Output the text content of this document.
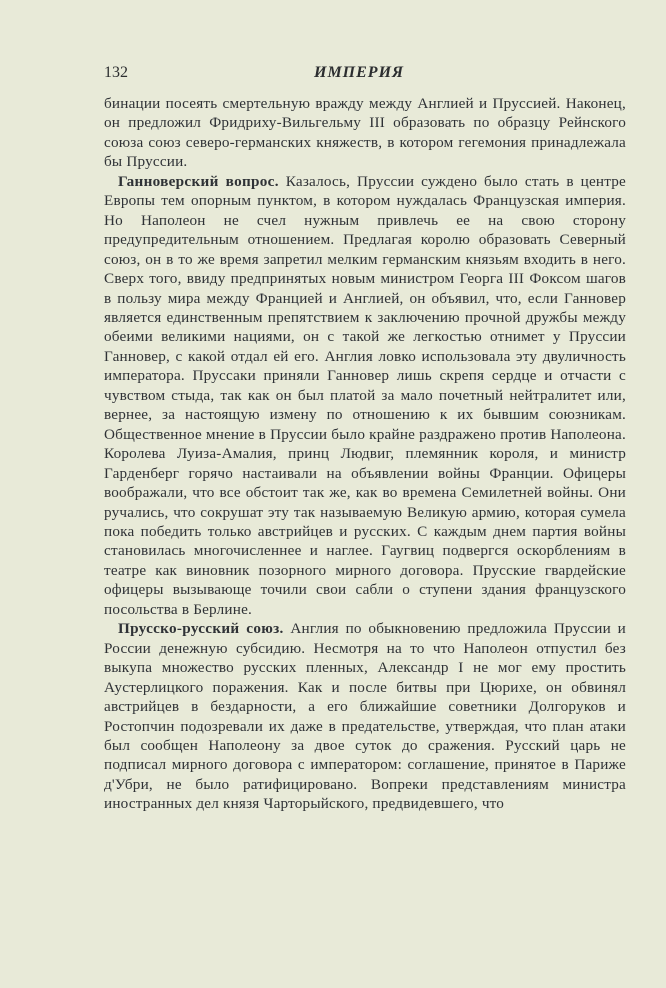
132	ИМПЕРИЯ

бинации посеять смертельную вражду между Англией и Пруссией. Наконец, он предложил Фридриху-Вильгельму III образовать по образцу Рейнского союза союз северо-германских княжеств, в котором гегемония принадлежала бы Пруссии.

Ганноверский вопрос. Казалось, Пруссии суждено было стать в центре Европы тем опорным пунктом, в котором нуждалась Французская империя. Но Наполеон не счел нужным привлечь ее на свою сторону предупредительным отношением. Предлагая королю образовать Северный союз, он в то же время запретил мелким германским князьям входить в него. Сверх того, ввиду предпринятых новым министром Георга III Фоксом шагов в пользу мира между Францией и Англией, он объявил, что, если Ганновер является единственным препятствием к заключению прочной дружбы между обеими великими нациями, он с такой же легкостью отнимет у Пруссии Ганновер, с какой отдал ей его. Англия ловко использовала эту двуличность императора. Пруссаки приняли Ганновер лишь скрепя сердце и отчасти с чувством стыда, так как он был платой за мало почетный нейтралитет или, вернее, за настоящую измену по отношению к их бывшим союзникам. Общественное мнение в Пруссии было крайне раздражено против Наполеона. Королева Луиза-Амалия, принц Людвиг, племянник короля, и министр Гарденберг горячо настаивали на объявлении войны Франции. Офицеры воображали, что все обстоит так же, как во времена Семилетней войны. Они ручались, что сокрушат эту так называемую Великую армию, которая сумела пока победить только австрийцев и русских. С каждым днем партия войны становилась многочисленнее и наглее. Гаугвиц подвергся оскорблениям в театре как виновник позорного мирного договора. Прусские гвардейские офицеры вызывающе точили свои сабли о ступени здания французского посольства в Берлине.

Прусско-русский союз. Англия по обыкновению предложила Пруссии и России денежную субсидию. Несмотря на то что Наполеон отпустил без выкупа множество русских пленных, Александр I не мог ему простить Аустерлицкого поражения. Как и после битвы при Цюрихе, он обвинял австрийцев в бездарности, а его ближайшие советники Долгоруков и Ростопчин подозревали их даже в предательстве, утверждая, что план атаки был сообщен Наполеону за двое суток до сражения. Русский царь не подписал мирного договора с императором: соглашение, принятое в Париже д'Убри, не было ратифицировано. Вопреки представлениям министра иностранных дел князя Чарторыйского, предвидевшего, что
